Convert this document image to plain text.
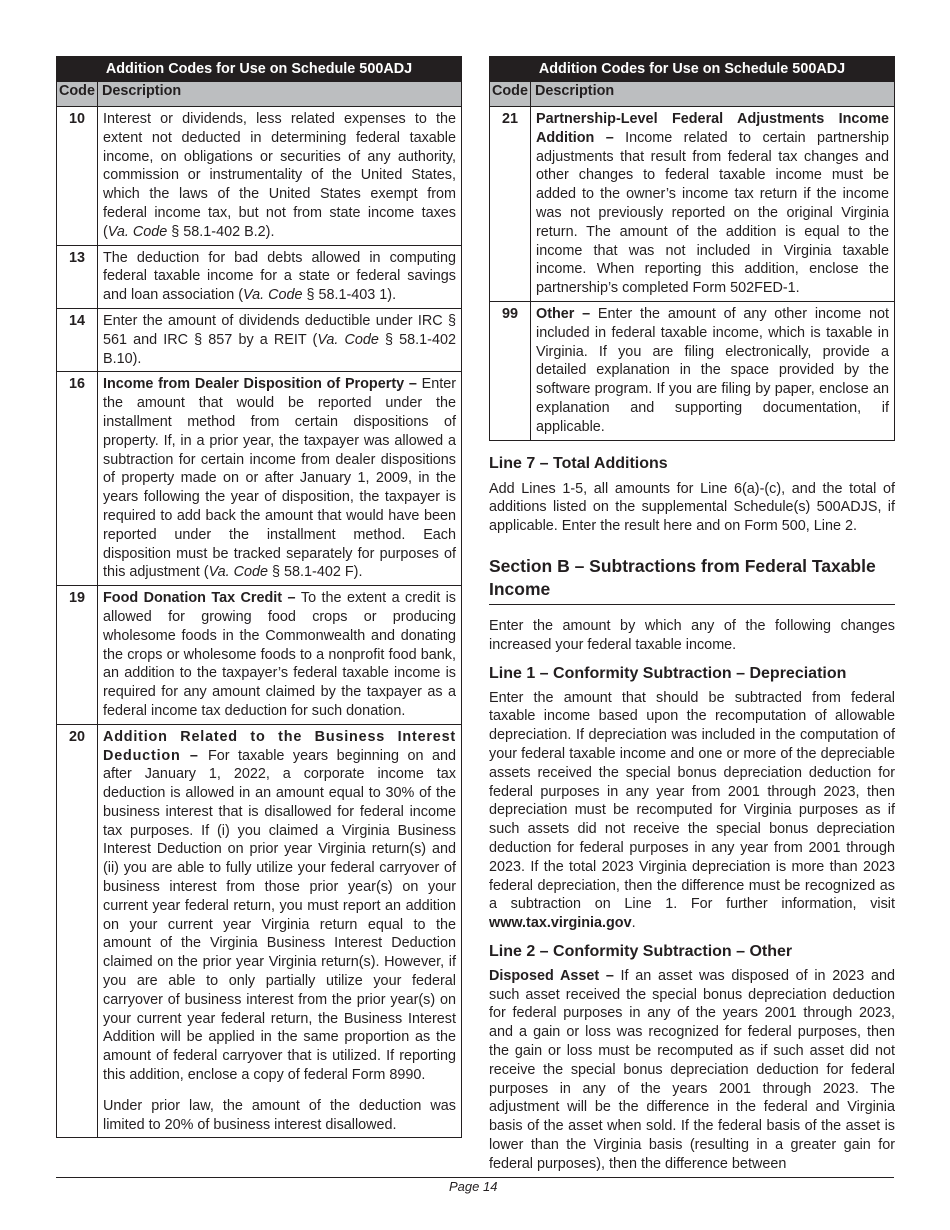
Addition Codes for Use on Schedule 500ADJ	
Code	Description
10	Interest or dividends, less related expenses to the extent not deducted in determining federal taxable income, on obligations or securities of any authority, commission or instrumentality of the United States, which the laws of the United States exempt from federal income tax, but not from state income taxes (Va. Code § 58.1-402 B.2).

13	The deduction for bad debts allowed in computing federal taxable income for a state or federal savings and loan association (Va. Code § 58.1-403 1).

14	Enter the amount of dividends deductible under IRC § 561 and IRC § 857 by a REIT (Va. Code § 58.1-402 B.10).

16	Income from Dealer Disposition of Property – Enter the amount that would be reported under the installment method from certain dispositions of property. If, in a prior year, the taxpayer was allowed a subtraction for certain income from dealer dispositions of property made on or after January 1, 2009, in the years following the year of disposition, the taxpayer is required to add back the amount that would have been reported under the installment method. Each disposition must be tracked separately for purposes of this adjustment (Va. Code § 58.1-402 F).

19	Food Donation Tax Credit – To the extent a credit is allowed for growing food crops or producing wholesome foods in the Commonwealth and donating the crops or wholesome foods to a nonprofit food bank, an addition to the taxpayer’s federal taxable income is required for any amount claimed by the taxpayer as a federal income tax deduction for such donation.

20	Addition Related to the Business Interest Deduction – For taxable years beginning on and after January 1, 2022, a corporate income tax deduction is allowed in an amount equal to 30% of the business interest that is disallowed for federal income tax purposes. If (i) you claimed a Virginia Business Interest Deduction on prior year Virginia return(s) and (ii) you are able to fully utilize your federal carryover of business interest from those prior year(s) on your current year federal return, you must report an addition on your current year Virginia return equal to the amount of the Virginia Business Interest Deduction claimed on the prior year Virginia return(s). However, if you are able to only partially utilize your federal carryover of business interest from the prior year(s) on your current year federal return, the Business Interest Addition will be applied in the same proportion as the amount of federal carryover that is utilized. If reporting this addition, enclose a copy of federal Form 8990.

Under prior law, the amount of the deduction was limited to 20% of business interest disallowed.

Addition Codes for Use on Schedule 500ADJ	
Code	Description
21	Partnership-Level Federal Adjustments Income Addition – Income related to certain partnership adjustments that result from federal tax changes and other changes to federal taxable income must be added to the owner’s income tax return if the income was not previously reported on the original Virginia return. The amount of the addition is equal to the income that was not included in Virginia taxable income. When reporting this addition, enclose the partnership’s completed Form 502FED-1.

99	Other – Enter the amount of any other income not included in federal taxable income, which is taxable in Virginia. If you are filing electronically, provide a detailed explanation in the space provided by the software program. If you are filing by paper, enclose an explanation and supporting documentation, if applicable.

Line 7 – Total Additions

Add Lines 1-5, all amounts for Line 6(a)-(c), and the total of additions listed on the supplemental Schedule(s) 500ADJS, if applicable. Enter the result here and on Form 500, Line 2.

Section B – Subtractions from Federal Taxable Income

Enter the amount by which any of the following changes increased your federal taxable income.

Line 1 – Conformity Subtraction – Depreciation

Enter the amount that should be subtracted from federal taxable income based upon the recomputation of allowable depreciation. If depreciation was included in the computation of your federal taxable income and one or more of the depreciable assets received the special bonus depreciation deduction for federal purposes in any year from 2001 through 2023, then depreciation must be recomputed for Virginia purposes as if such assets did not receive the special bonus depreciation deduction for federal purposes in any year from 2001 through 2023. If the total 2023 Virginia depreciation is more than 2023 federal depreciation, then the difference must be recognized as a subtraction on Line 1. For further information, visit www.tax.virginia.gov.

Line 2 – Conformity Subtraction – Other

Disposed Asset – If an asset was disposed of in 2023 and such asset received the special bonus depreciation deduction for federal purposes in any of the years 2001 through 2023, and a gain or loss was recognized for federal purposes, then the gain or loss must be recomputed as if such asset did not receive the special bonus depreciation deduction for federal purposes in any of the years 2001 through 2023. The adjustment will be the difference in the federal and Virginia basis of the asset when sold. If the federal basis of the asset is lower than the Virginia basis (resulting in a greater gain for federal purposes), then the difference between

Page 14
